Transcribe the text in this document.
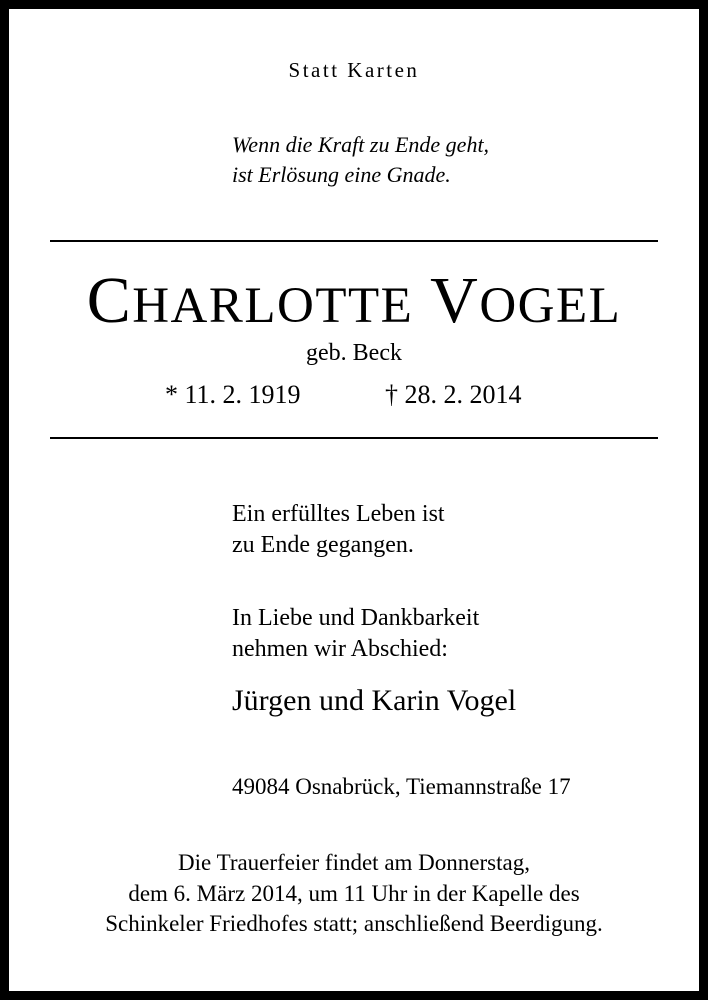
Statt Karten
Wenn die Kraft zu Ende geht,
ist Erlösung eine Gnade.
CHARLOTTE VOGEL
geb. Beck
* 11. 2. 1919	† 28. 2. 2014
Ein erfülltes Leben ist
zu Ende gegangen.
In Liebe und Dankbarkeit
nehmen wir Abschied:
Jürgen und Karin Vogel
49084 Osnabrück, Tiemannstraße 17
Die Trauerfeier findet am Donnerstag,
dem 6. März 2014, um 11 Uhr in der Kapelle des
Schinkeler Friedhofes statt; anschließend Beerdigung.
